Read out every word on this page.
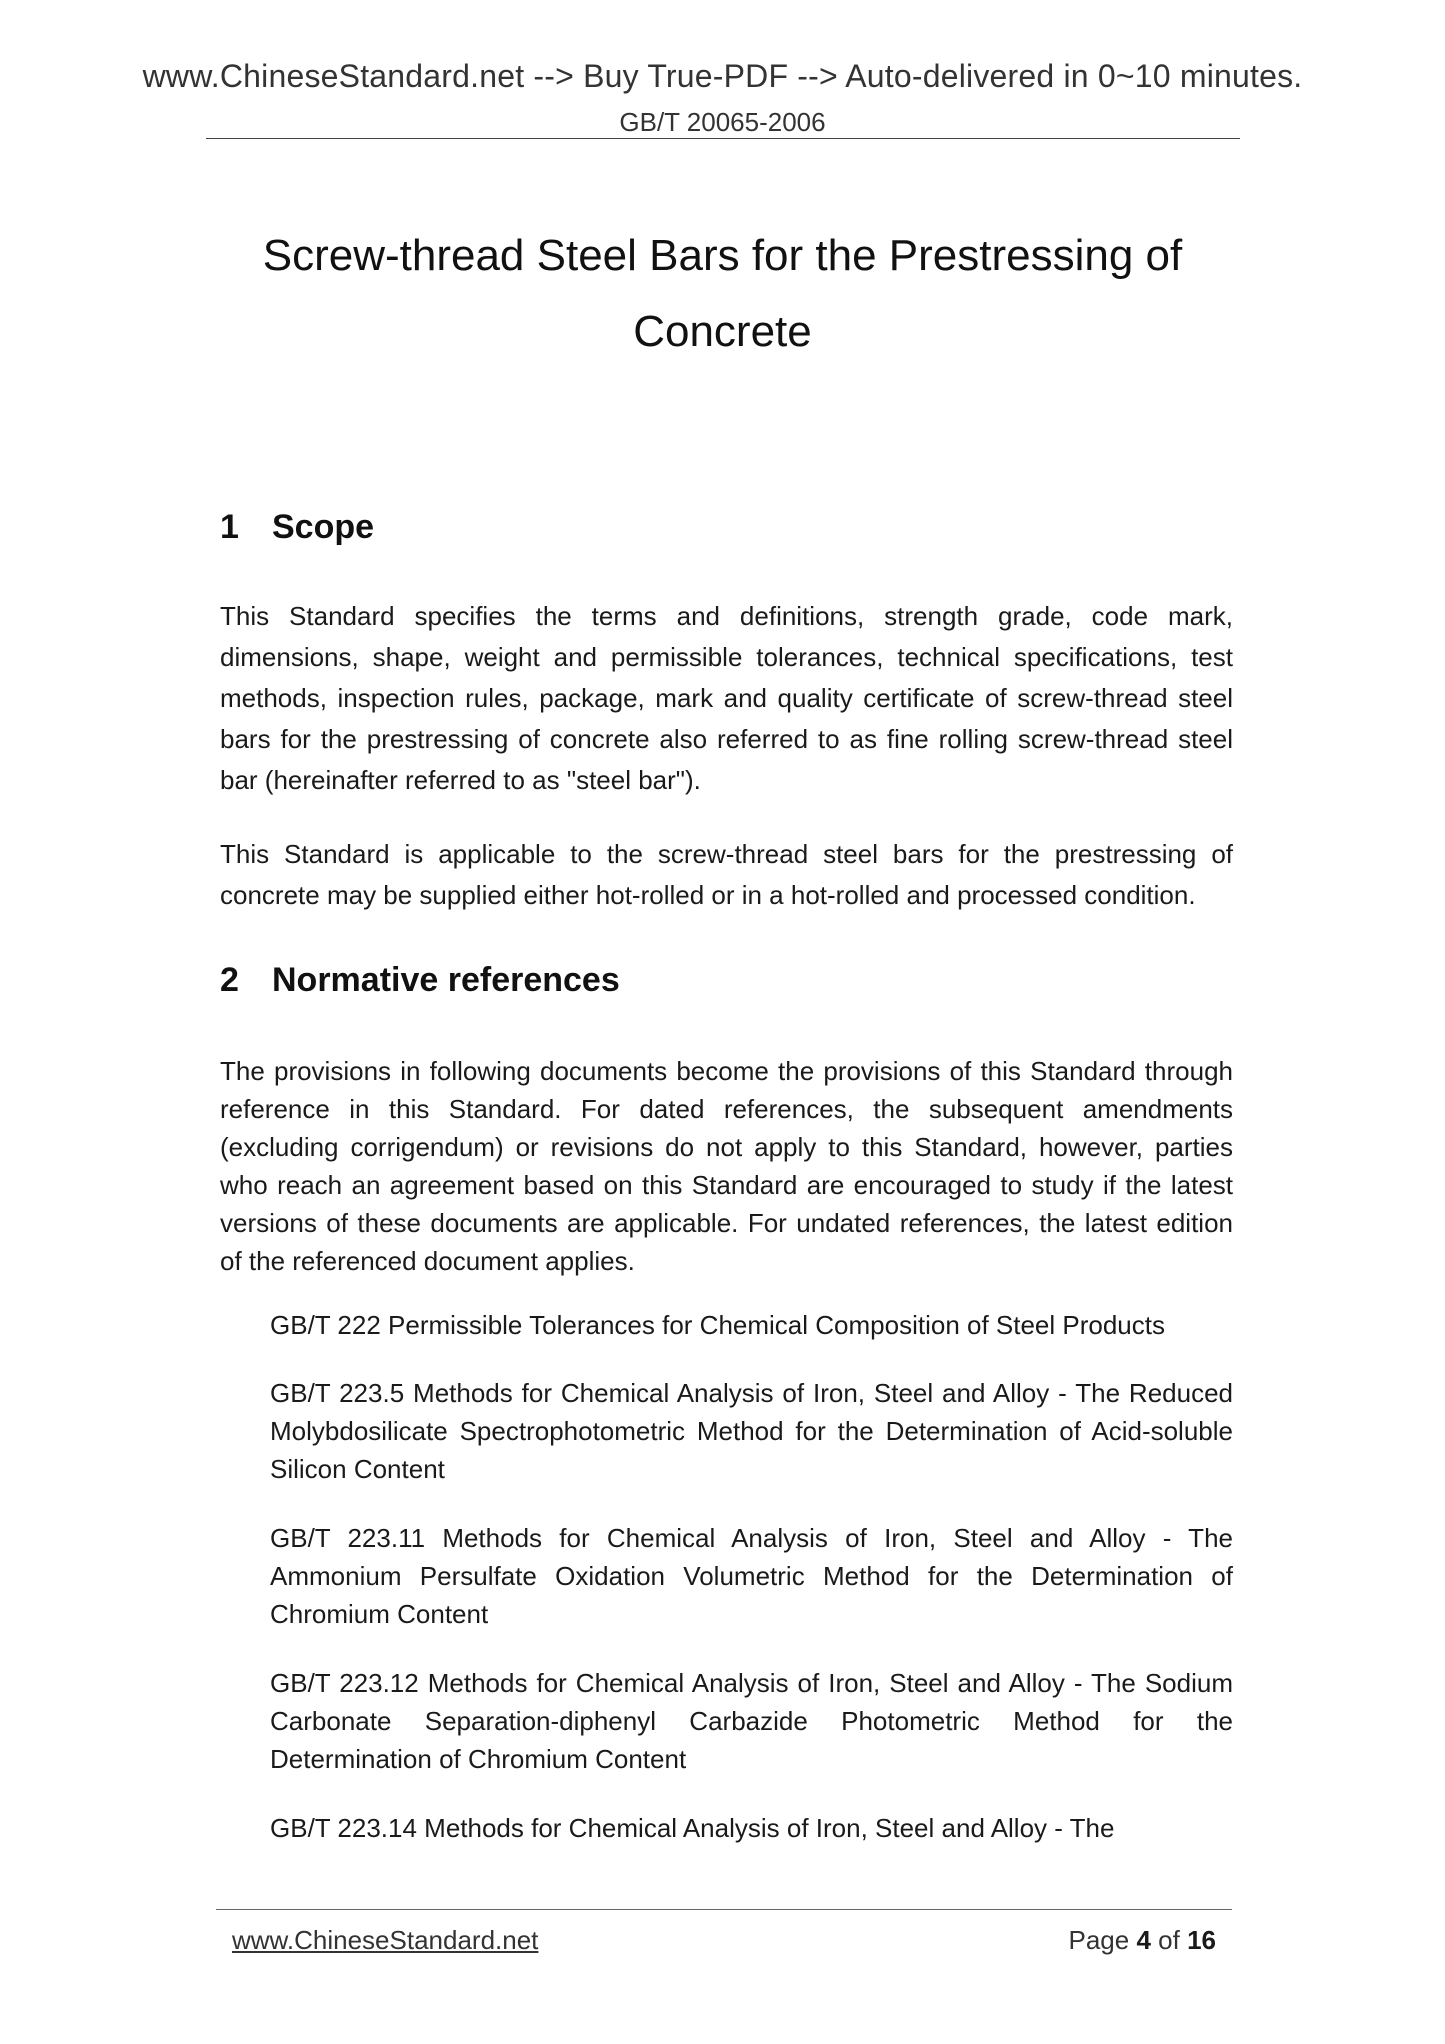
www.ChineseStandard.net --> Buy True-PDF --> Auto-delivered in 0~10 minutes.
GB/T 20065-2006
Screw-thread Steel Bars for the Prestressing of
Concrete
1 Scope
This Standard specifies the terms and definitions, strength grade, code mark, dimensions, shape, weight and permissible tolerances, technical specifications, test methods, inspection rules, package, mark and quality certificate of screw-thread steel bars for the prestressing of concrete also referred to as fine rolling screw-thread steel bar (hereinafter referred to as "steel bar").
This Standard is applicable to the screw-thread steel bars for the prestressing of concrete may be supplied either hot-rolled or in a hot-rolled and processed condition.
2 Normative references
The provisions in following documents become the provisions of this Standard through reference in this Standard. For dated references, the subsequent amendments (excluding corrigendum) or revisions do not apply to this Standard, however, parties who reach an agreement based on this Standard are encouraged to study if the latest versions of these documents are applicable. For undated references, the latest edition of the referenced document applies.
GB/T 222 Permissible Tolerances for Chemical Composition of Steel Products
GB/T 223.5 Methods for Chemical Analysis of Iron, Steel and Alloy - The Reduced Molybdosilicate Spectrophotometric Method for the Determination of Acid-soluble Silicon Content
GB/T 223.11 Methods for Chemical Analysis of Iron, Steel and Alloy - The Ammonium Persulfate Oxidation Volumetric Method for the Determination of Chromium Content
GB/T 223.12 Methods for Chemical Analysis of Iron, Steel and Alloy - The Sodium Carbonate Separation-diphenyl Carbazide Photometric Method for the Determination of Chromium Content
GB/T 223.14 Methods for Chemical Analysis of Iron, Steel and Alloy - The
www.ChineseStandard.net	Page 4 of 16
